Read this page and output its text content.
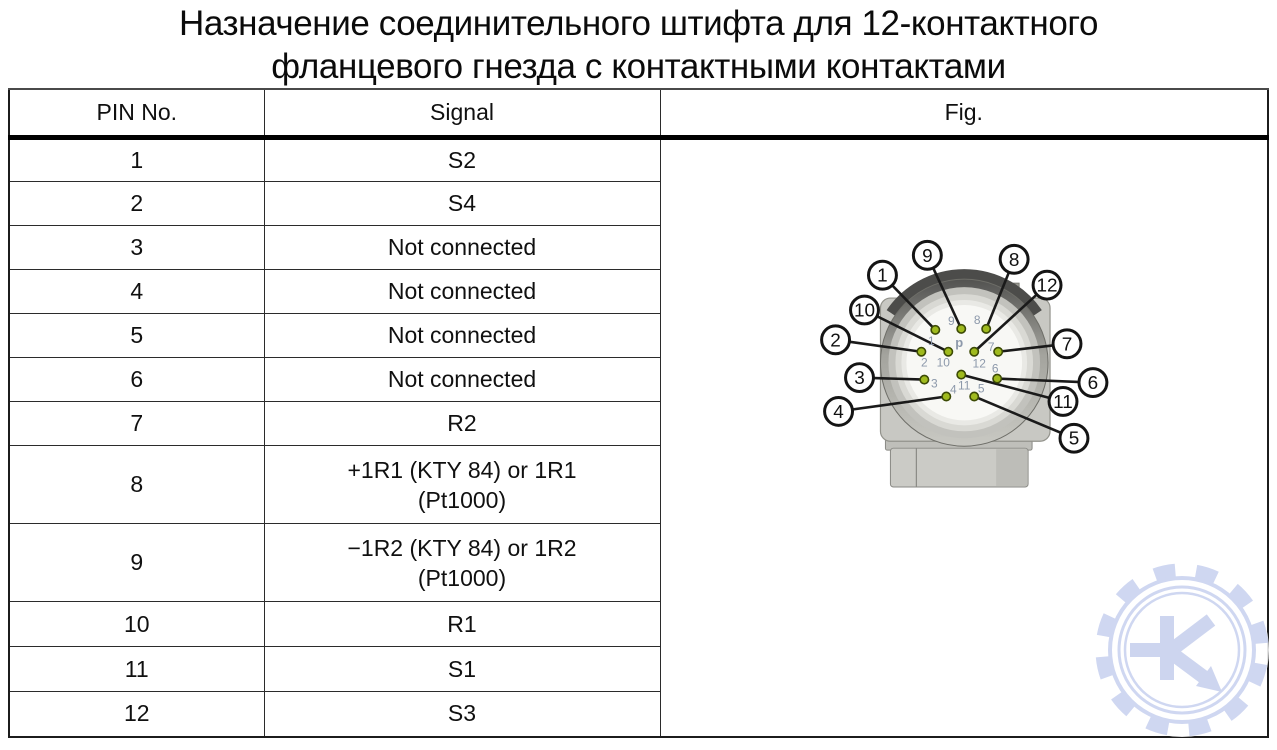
Назначение соединительного штифта для 12-контактного
фланцевого гнезда с контактными контактами
PIN No.	Signal	Fig.
1	S2	
1
9 8
2 10 12
7
3 11
6
4 5
p
1
9	8
12
10
2	7
3	6
11
4
5

2	S4	
3	Not connected	
4	Not connected	
5	Not connected	
6	Not connected	
7	R2	
8	+1R1 (KTY 84) or 1R1
(Pt1000)	

9	−1R2 (KTY 84) or 1R2
(Pt1000)	

10	R1	
11	S1	
12	S3	
